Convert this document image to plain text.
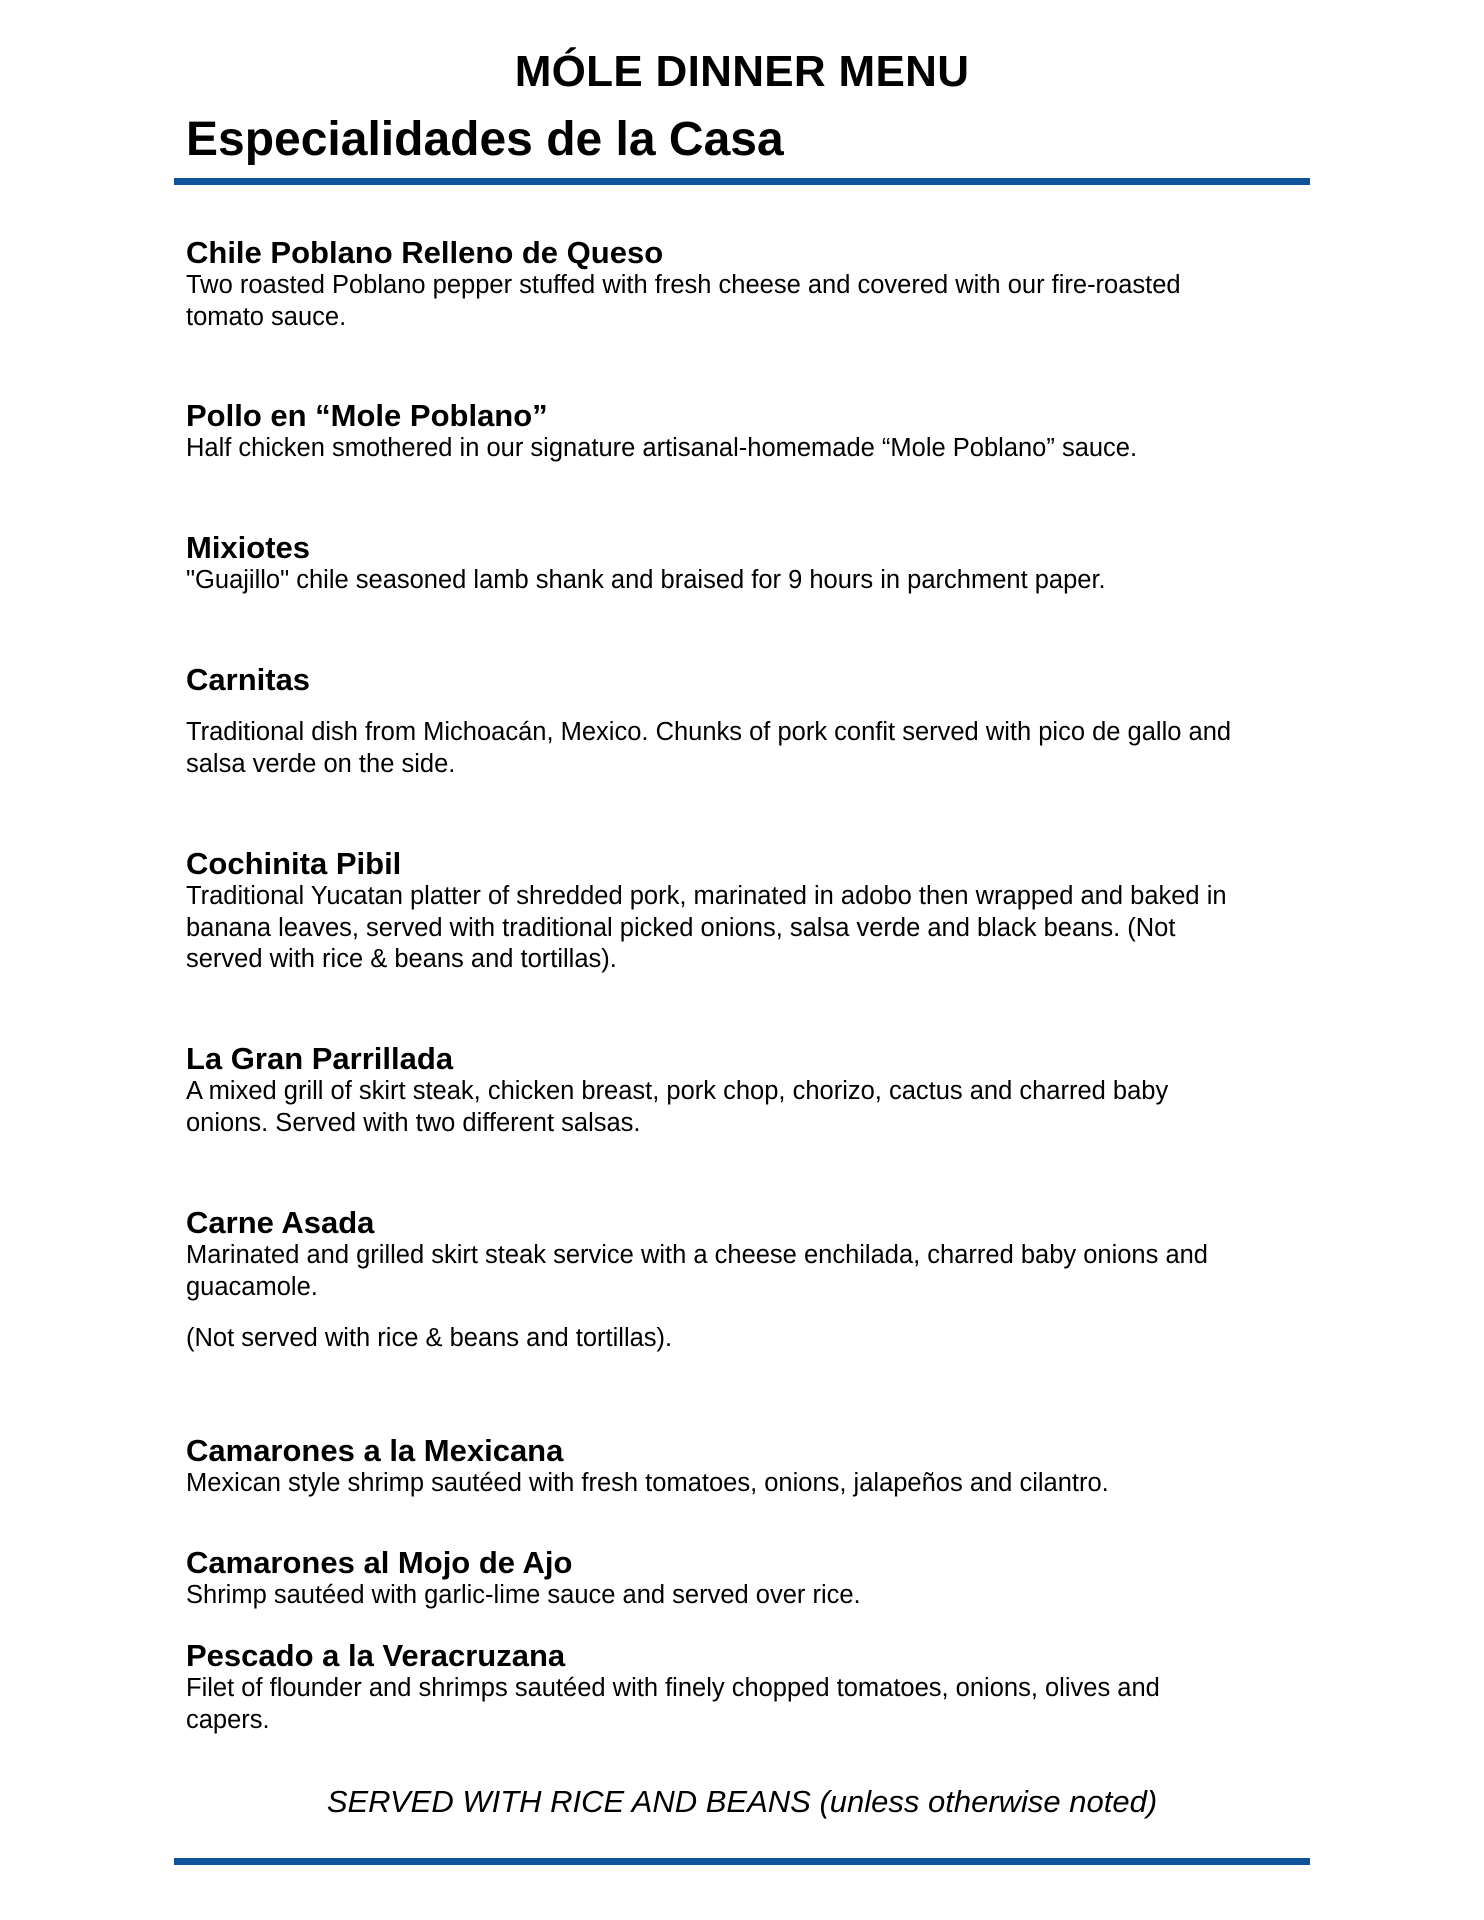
MÓLE DINNER MENU
Especialidades de la Casa

Chile Poblano Relleno de Queso

Two roasted Poblano pepper stuffed with fresh cheese and covered with our fire-roasted
tomato sauce.

Pollo en “Mole Poblano”

Half chicken smothered in our signature artisanal-homemade “Mole Poblano” sauce.

Mixiotes

"Guajillo" chile seasoned lamb shank and braised for 9 hours in parchment paper.

Carnitas

Traditional dish from Michoacán, Mexico. Chunks of pork confit served with pico de gallo and
salsa verde on the side.

Cochinita Pibil

Traditional Yucatan platter of shredded pork, marinated in adobo then wrapped and baked in
banana leaves, served with traditional picked onions, salsa verde and black beans. (Not
served with rice & beans and tortillas).

La Gran Parrillada

A mixed grill of skirt steak, chicken breast, pork chop, chorizo, cactus and charred baby
onions. Served with two different salsas.

Carne Asada

Marinated and grilled skirt steak service with a cheese enchilada, charred baby onions and
guacamole.

(Not served with rice & beans and tortillas).

Camarones a la Mexicana

Mexican style shrimp sautéed with fresh tomatoes, onions, jalapeños and cilantro.

Camarones al Mojo de Ajo

Shrimp sautéed with garlic-lime sauce and served over rice.

Pescado a la Veracruzana

Filet of flounder and shrimps sautéed with finely chopped tomatoes, onions, olives and
capers.

SERVED WITH RICE AND BEANS (unless otherwise noted)
